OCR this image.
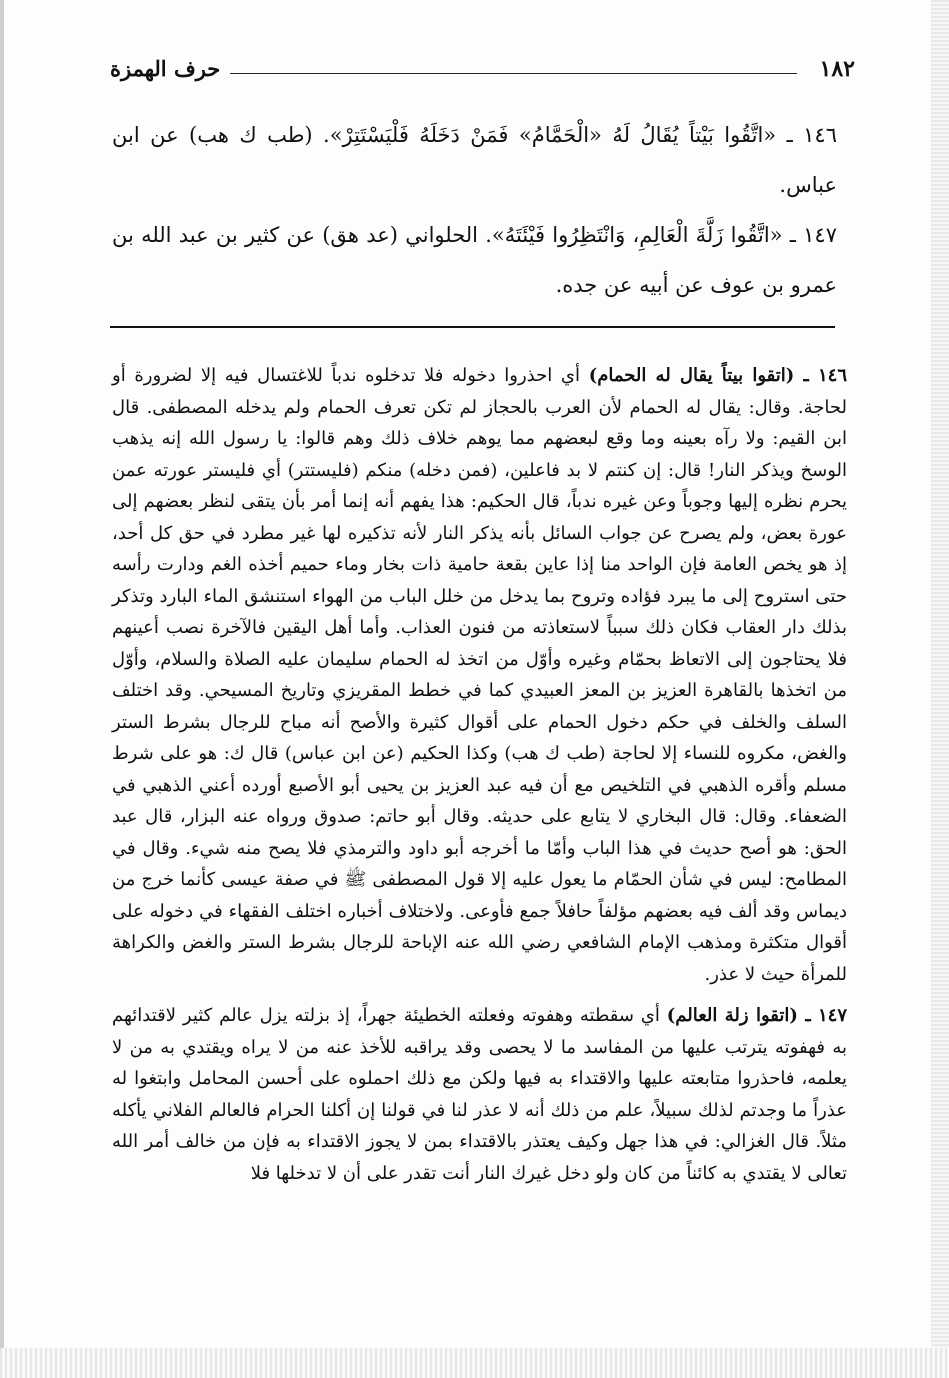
١٨٢
حرف الهمزة

١٤٦ ـ «اتَّقُوا بَيْتاً يُقَالُ لَهُ «الْحَمَّامُ» فَمَنْ دَخَلَهُ فَلْيَسْتَتِرْ». (طب ك هب) عن ابن عباس.

١٤٧ ـ «اتَّقُوا زَلَّةَ الْعَالِمِ، وَانْتَظِرُوا فَيْئَتَهُ». الحلواني (عد هق) عن كثير بن عبد الله بن عمرو بن عوف عن أبيه عن جده.

١٤٦ ـ (اتقوا بيتاً يقال له الحمام) أي احذروا دخوله فلا تدخلوه ندباً للاغتسال فيه إلا لضرورة أو لحاجة. وقال: يقال له الحمام لأن العرب بالحجاز لم تكن تعرف الحمام ولم يدخله المصطفى. قال ابن القيم: ولا رآه بعينه وما وقع لبعضهم مما يوهم خلاف ذلك وهم قالوا: يا رسول الله إنه يذهب الوسخ ويذكر النار! قال: إن كنتم لا بد فاعلين، (فمن دخله) منكم (فليستتر) أي فليستر عورته عمن يحرم نظره إليها وجوباً وعن غيره ندباً، قال الحكيم: هذا يفهم أنه إنما أمر بأن يتقى لنظر بعضهم إلى عورة بعض، ولم يصرح عن جواب السائل بأنه يذكر النار لأنه تذكيره لها غير مطرد في حق كل أحد، إذ هو يخص العامة فإن الواحد منا إذا عاين بقعة حامية ذات بخار وماء حميم أخذه الغم ودارت رأسه حتى استروح إلى ما يبرد فؤاده وتروح بما يدخل من خلل الباب من الهواء استنشق الماء البارد وتذكر بذلك دار العقاب فكان ذلك سبباً لاستعاذته من فنون العذاب. وأما أهل اليقين فالآخرة نصب أعينهم فلا يحتاجون إلى الاتعاظ بحمّام وغيره وأوّل من اتخذ له الحمام سليمان عليه الصلاة والسلام، وأوّل من اتخذها بالقاهرة العزيز بن المعز العبيدي كما في خطط المقريزي وتاريخ المسيحي. وقد اختلف السلف والخلف في حكم دخول الحمام على أقوال كثيرة والأصح أنه مباح للرجال بشرط الستر والغض، مكروه للنساء إلا لحاجة (طب ك هب) وكذا الحكيم (عن ابن عباس) قال ك: هو على شرط مسلم وأقره الذهبي في التلخيص مع أن فيه عبد العزيز بن يحيى أبو الأصبع أورده أعني الذهبي في الضعفاء. وقال: قال البخاري لا يتابع على حديثه. وقال أبو حاتم: صدوق ورواه عنه البزار، قال عبد الحق: هو أصح حديث في هذا الباب وأمّا ما أخرجه أبو داود والترمذي فلا يصح منه شيء. وقال في المطامح: ليس في شأن الحمّام ما يعول عليه إلا قول المصطفى ﷺ في صفة عيسى كأنما خرج من ديماس وقد ألف فيه بعضهم مؤلفاً حافلاً جمع فأوعى. ولاختلاف أخباره اختلف الفقهاء في دخوله على أقوال متكثرة ومذهب الإمام الشافعي رضي الله عنه الإباحة للرجال بشرط الستر والغض والكراهة للمرأة حيث لا عذر.

١٤٧ ـ (اتقوا زلة العالم) أي سقطته وهفوته وفعلته الخطيئة جهراً، إذ بزلته يزل عالم كثير لاقتدائهم به فهفوته يترتب عليها من المفاسد ما لا يحصى وقد يراقبه للأخذ عنه من لا يراه ويقتدي به من لا يعلمه، فاحذروا متابعته عليها والاقتداء به فيها ولكن مع ذلك احملوه على أحسن المحامل وابتغوا له عذراً ما وجدتم لذلك سبيلاً، علم من ذلك أنه لا عذر لنا في قولنا إن أكلنا الحرام فالعالم الفلاني يأكله مثلاً. قال الغزالي: في هذا جهل وكيف يعتذر بالاقتداء بمن لا يجوز الاقتداء به فإن من خالف أمر الله تعالى لا يقتدي به كائناً من كان ولو دخل غيرك النار أنت تقدر على أن لا تدخلها فلا
